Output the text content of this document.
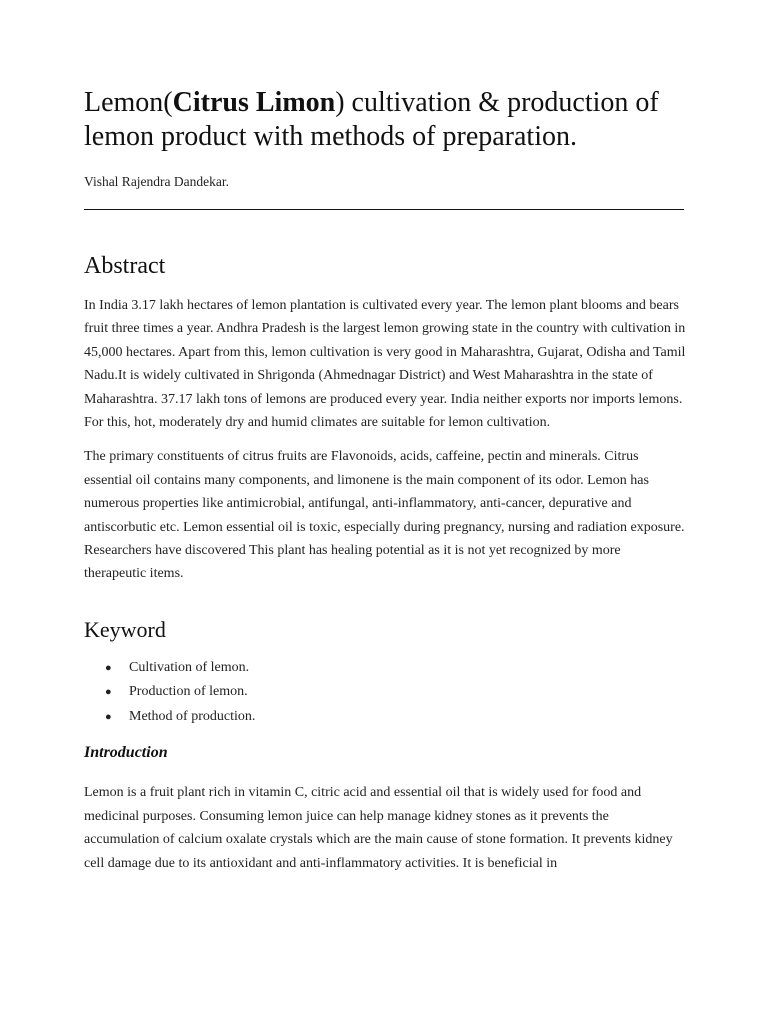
Lemon(Citrus Limon) cultivation & production of lemon product with methods of preparation.
Vishal Rajendra Dandekar.
Abstract

In India 3.17 lakh hectares of lemon plantation is cultivated every year. The lemon plant blooms and bears fruit three times a year. Andhra Pradesh is the largest lemon growing state in the country with cultivation in 45,000 hectares. Apart from this, lemon cultivation is very good in Maharashtra, Gujarat, Odisha and Tamil Nadu.It is widely cultivated in Shrigonda (Ahmednagar District) and West Maharashtra in the state of Maharashtra. 37.17 lakh tons of lemons are produced every year. India neither exports nor imports lemons. For this, hot, moderately dry and humid climates are suitable for lemon cultivation.

The primary constituents of citrus fruits are Flavonoids, acids, caffeine, pectin and minerals. Citrus essential oil contains many components, and limonene is the main component of its odor. Lemon has numerous properties like antimicrobial, antifungal, anti-inflammatory, anti-cancer, depurative and antiscorbutic etc. Lemon essential oil is toxic, especially during pregnancy, nursing and radiation exposure. Researchers have discovered This plant has healing potential as it is not yet recognized by more therapeutic items.

Keyword
● Cultivation of lemon.
● Production of lemon.
● Method of production.
Introduction

Lemon is a fruit plant rich in vitamin C, citric acid and essential oil that is widely used for food and medicinal purposes. Consuming lemon juice can help manage kidney stones as it prevents the accumulation of calcium oxalate crystals which are the main cause of stone formation. It prevents kidney cell damage due to its antioxidant and anti-inflammatory activities. It is beneficial in
